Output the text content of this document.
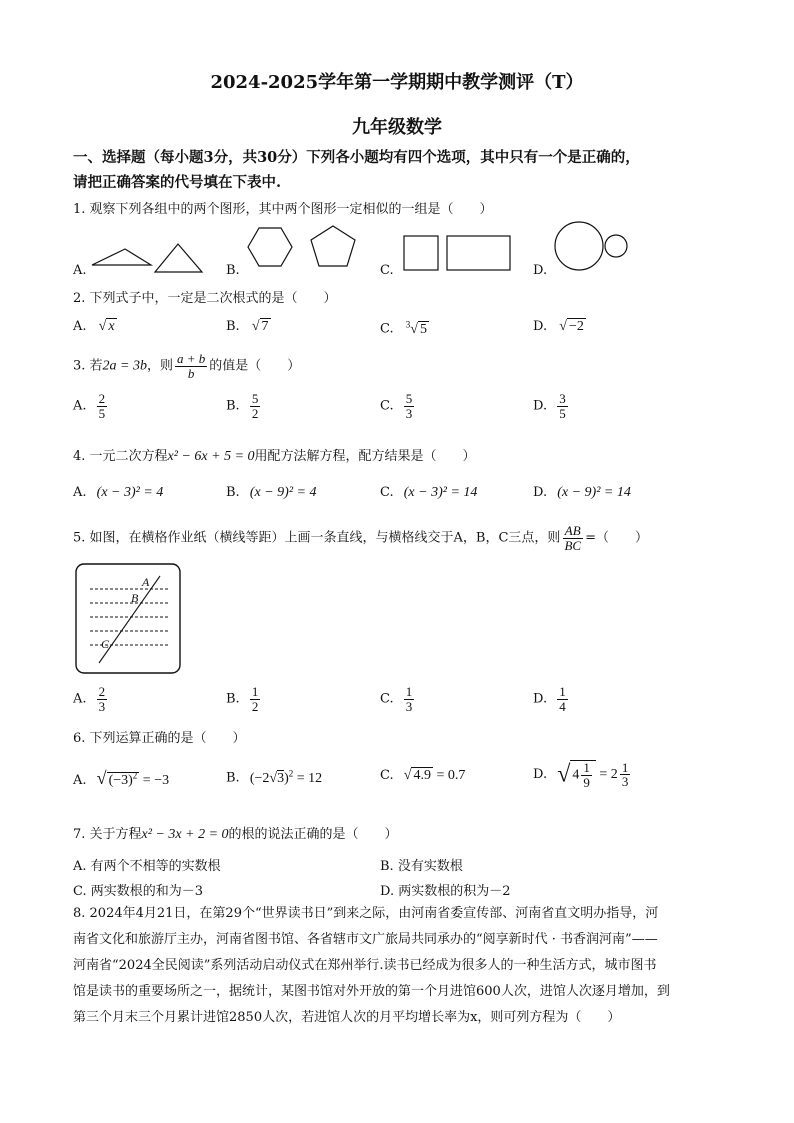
2024-2025学年第一学期期中教学测评（T）
九年级数学
一、选择题（每小题3分，共30分）下列各小题均有四个选项，其中只有一个是正确的，
请把正确答案的代号填在下表中.
1. 观察下列各组中的两个图形，其中两个图形一定相似的一组是（　　）
A.	B.	C.	D.
2. 下列式子中，一定是二次根式的是（　　）
A. √ x	B. √ 7	C. $^3$√ 5	D. √ −2
3. 若2a = 3b，则 $\frac{a + b}{b}$ 的值是（　　）
A. $\frac{2}{5}$	B. $\frac{5}{2}$	C. $\frac{5}{3}$	D. $\frac{3}{5}$
4. 一元二次方程x² − 6x + 5 = 0用配方法解方程，配方结果是（　　）
A. (x − 3)² = 4	B. (x − 9)² = 4	C. (x − 3)² = 14	D. (x − 9)² = 14
5. 如图，在横格作业纸（横线等距）上画一条直线，与横格线交于A，B，C三点，则 $\frac{AB}{BC}$ =（　　）
A
B
C
A. $\frac{2}{3}$	B. $\frac{1}{2}$	C. $\frac{1}{3}$	D. $\frac{1}{4}$
6. 下列运算正确的是（　　）
A. √ $(-3)^2 = -3$	B. $(-2√3)^2 = 12$	C. √ 4.9 = 0.7	D. √ $4 \frac{1}{9} = 2 \frac{1}{3}$
7. 关于方程x² − 3x + 2 = 0的根的说法正确的是（　　）
A. 有两个不相等的实数根	B. 没有实数根
C. 两实数根的和为－3	D. 两实数根的积为－2
8. 2024年4月21日，在第29个“世界读书日”到来之际，由河南省委宣传部、河南省直文明办指导，河
南省文化和旅游厅主办，河南省图书馆、各省辖市文广旅局共同承办的“阅享新时代 · 书香润河南”——
河南省“2024全民阅读”系列活动启动仪式在郑州举行.读书已经成为很多人的一种生活方式，城市图书
馆是读书的重要场所之一，据统计，某图书馆对外开放的第一个月进馆600人次，进馆人次逐月增加，到
第三个月末三个月累计进馆2850人次，若进馆人次的月平均增长率为x，则可列方程为（　　）
